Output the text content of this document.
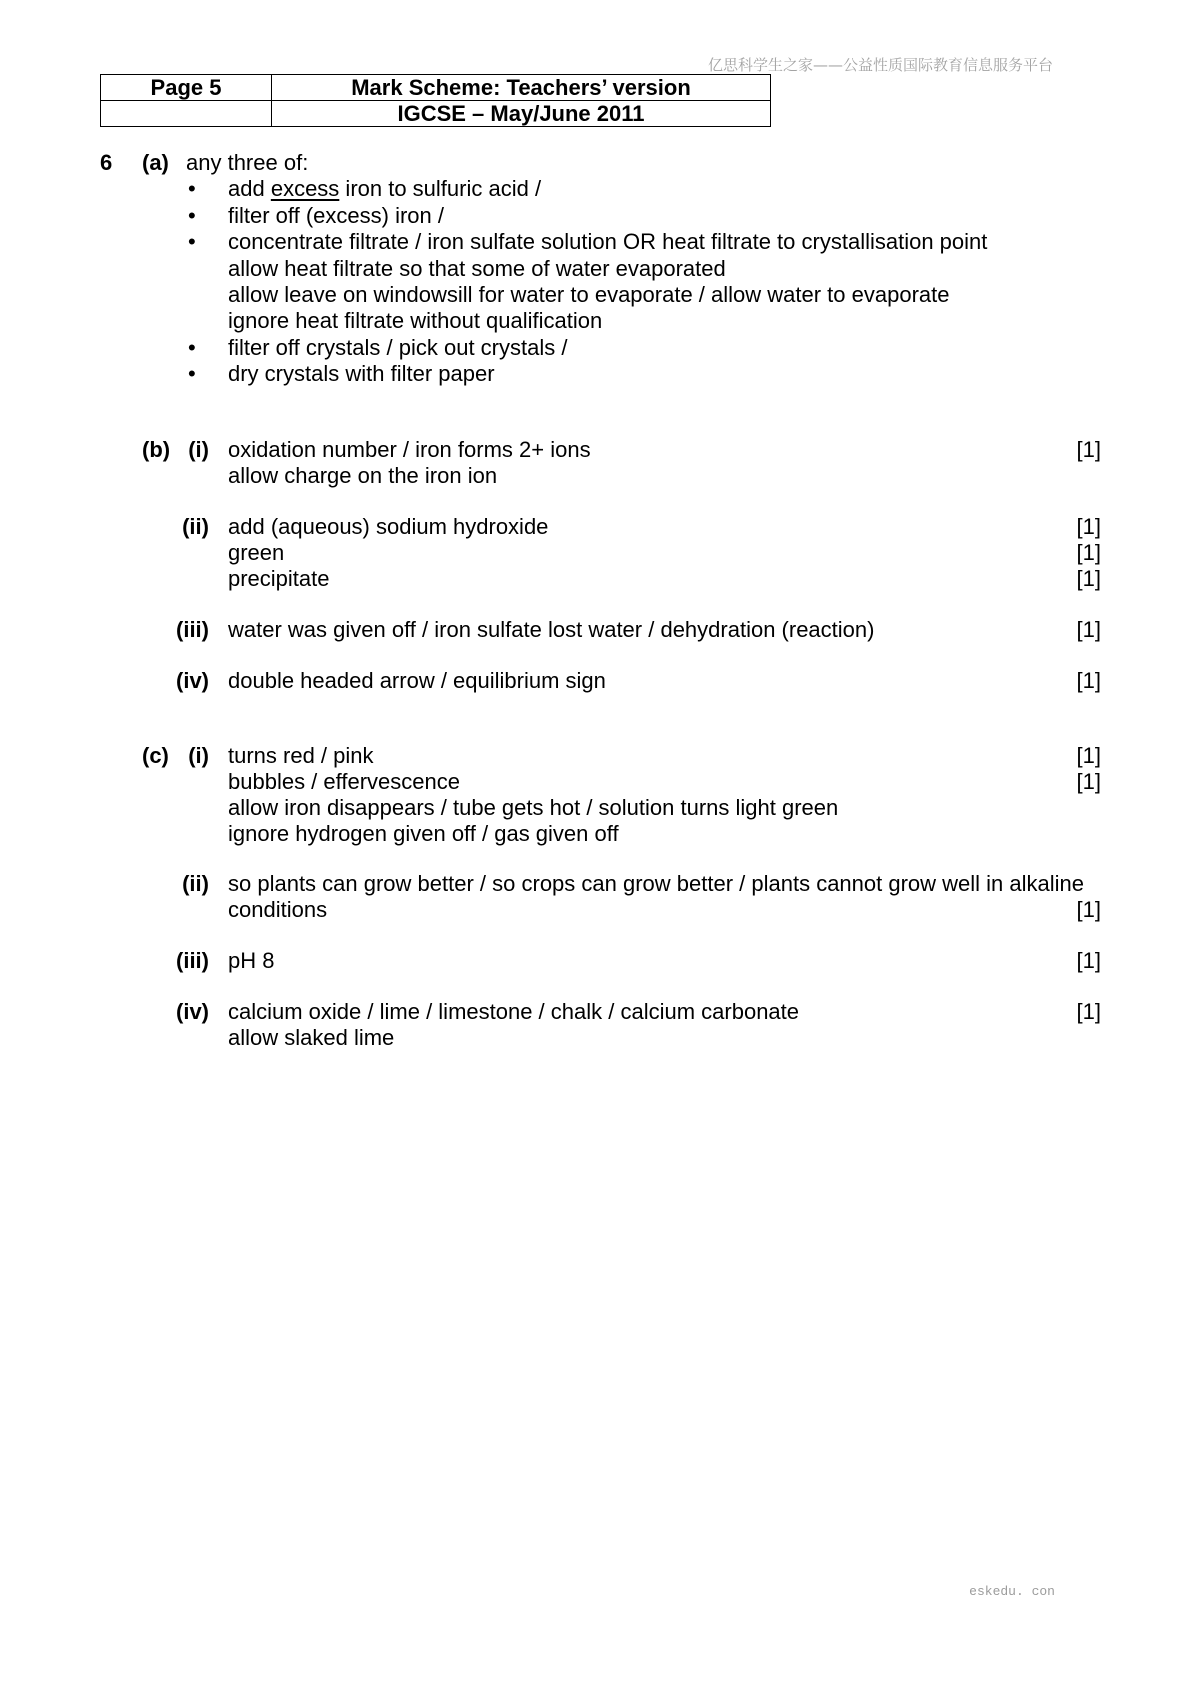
亿思科学生之家——公益性质国际教育信息服务平台
eskedu. con
Page 5	Mark Scheme: Teachers’ version
	IGCSE – May/June 2011
6 (a) any three of:
• add excess iron to sulfuric acid /
• filter off (excess) iron /
• concentrate filtrate / iron sulfate solution OR heat filtrate to crystallisation point
allow heat filtrate so that some of water evaporated
allow leave on windowsill for water to evaporate / allow water to evaporate
ignore heat filtrate without qualification
• filter off crystals / pick out crystals /
• dry crystals with filter paper
(b) (i) oxidation number / iron forms 2+ ions	[1]
allow charge on the iron ion
(ii) add (aqueous) sodium hydroxide	[1]
green	[1]
precipitate	[1]
(iii) water was given off / iron sulfate lost water / dehydration (reaction)	[1]
(iv) double headed arrow / equilibrium sign	[1]
(c) (i) turns red / pink	[1]
bubbles / effervescence	[1]
allow iron disappears / tube gets hot / solution turns light green
ignore hydrogen given off / gas given off
(ii) so plants can grow better / so crops can grow better / plants cannot grow well in alkaline
conditions	[1]
(iii) pH 8	[1]
(iv) calcium oxide / lime / limestone / chalk / calcium carbonate	[1]
allow slaked lime
